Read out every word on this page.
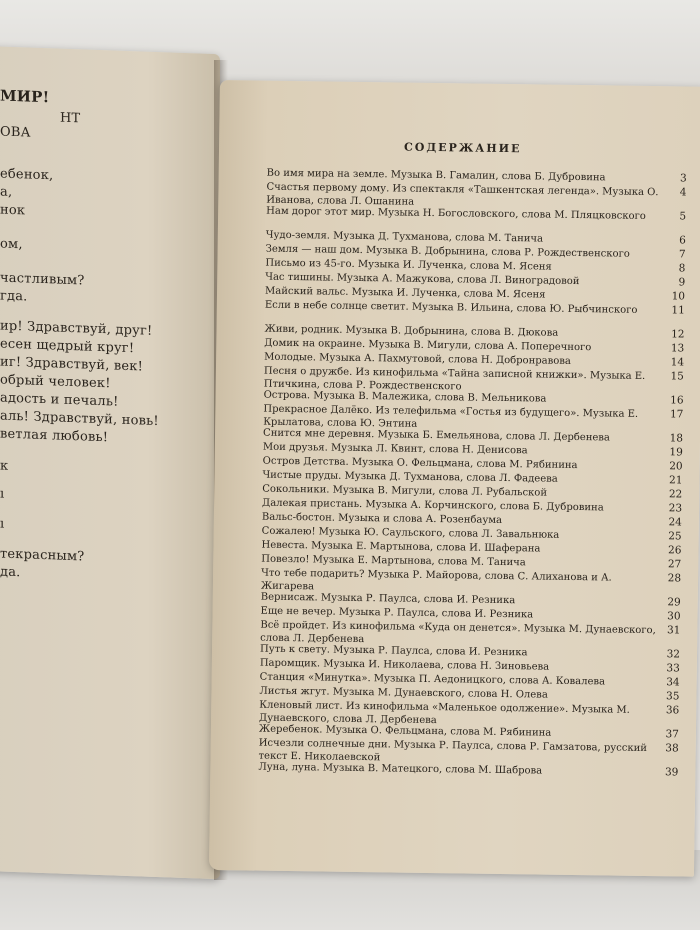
МИР!
НТ
ОВА
ебенок,
а,
нок
ом,
частливым?
гда.
ир! Здравствуй, друг!
есен щедрый круг!
иг! Здравствуй, век!
обрый человек!
адость и печаль!
аль! Здравствуй, новь!
ветлая любовь!
к
ı
ı
текрасным?
да.
СОДЕРЖАНИЕ
Во имя мира на земле. Музыка В. Гамалин, слова Б. Дубровина	3
Счастья первому дому. Из спектакля «Ташкентская легенда». Музыка О. Иванова, слова Л. Ошанина
4
Нам дорог этот мир. Музыка Н. Богословского, слова М. Пляцковского	5
Чудо-земля. Музыка Д. Тухманова, слова М. Танича	6
Земля — наш дом. Музыка В. Добрынина, слова Р. Рождественского	7
Письмо из 45-го. Музыка И. Лученка, слова М. Ясеня	8
Час тишины. Музыка А. Мажукова, слова Л. Виноградовой	9
Майский вальс. Музыка И. Лученка, слова М. Ясеня	10
Если в небе солнце светит. Музыка В. Ильина, слова Ю. Рыбчинского	11
Живи, родник. Музыка В. Добрынина, слова В. Дюкова	12
Домик на окраине. Музыка В. Мигули, слова А. Поперечного	13
Молодые. Музыка А. Пахмутовой, слова Н. Добронравова	14
Песня о дружбе. Из кинофильма «Тайна записной книжки». Музыка Е. Птичкина, слова Р. Рождественского
15
Острова. Музыка В. Малежика, слова В. Мельникова	16
Прекрасное Далёко. Из телефильма «Гостья из будущего». Музыка Е. Крылатова, слова Ю. Энтина
17
Снится мне деревня. Музыка Б. Емельянова, слова Л. Дербенева	18
Мои друзья. Музыка Л. Квинт, слова Н. Денисова	19
Остров Детства. Музыка О. Фельцмана, слова М. Рябинина	20
Чистые пруды. Музыка Д. Тухманова, слова Л. Фадеева	21
Сокольники. Музыка В. Мигули, слова Л. Рубальской	22
Далекая пристань. Музыка А. Корчинского, слова Б. Дубровина	23
Вальс-бостон. Музыка и слова А. Розенбаума	24
Сожалею! Музыка Ю. Саульского, слова Л. Завальнюка	25
Невеста. Музыка Е. Мартынова, слова И. Шаферана	26
Повезло! Музыка Е. Мартынова, слова М. Танича	27
Что тебе подарить? Музыка Р. Майорова, слова С. Алиханова и А. Жигарева
28
Вернисаж. Музыка Р. Паулса, слова И. Резника	29
Еще не вечер. Музыка Р. Паулса, слова И. Резника	30
Всё пройдет. Из кинофильма «Куда он денется». Музыка М. Дунаевского, слова Л. Дербенева
31
Путь к свету. Музыка Р. Паулса, слова И. Резника	32
Паромщик. Музыка И. Николаева, слова Н. Зиновьева	33
Станция «Минутка». Музыка П. Аедоницкого, слова А. Ковалева	34
Листья жгут. Музыка М. Дунаевского, слова Н. Олева	35
Кленовый лист. Из кинофильма «Маленькое одолжение». Музыка М. Дунаевского, слова Л. Дербенева
36
Жеребенок. Музыка О. Фельцмана, слова М. Рябинина	37
Исчезли солнечные дни. Музыка Р. Паулса, слова Р. Гамзатова, русский текст Е. Николаевской
38
Луна, луна. Музыка В. Матецкого, слова М. Шаброва	39
